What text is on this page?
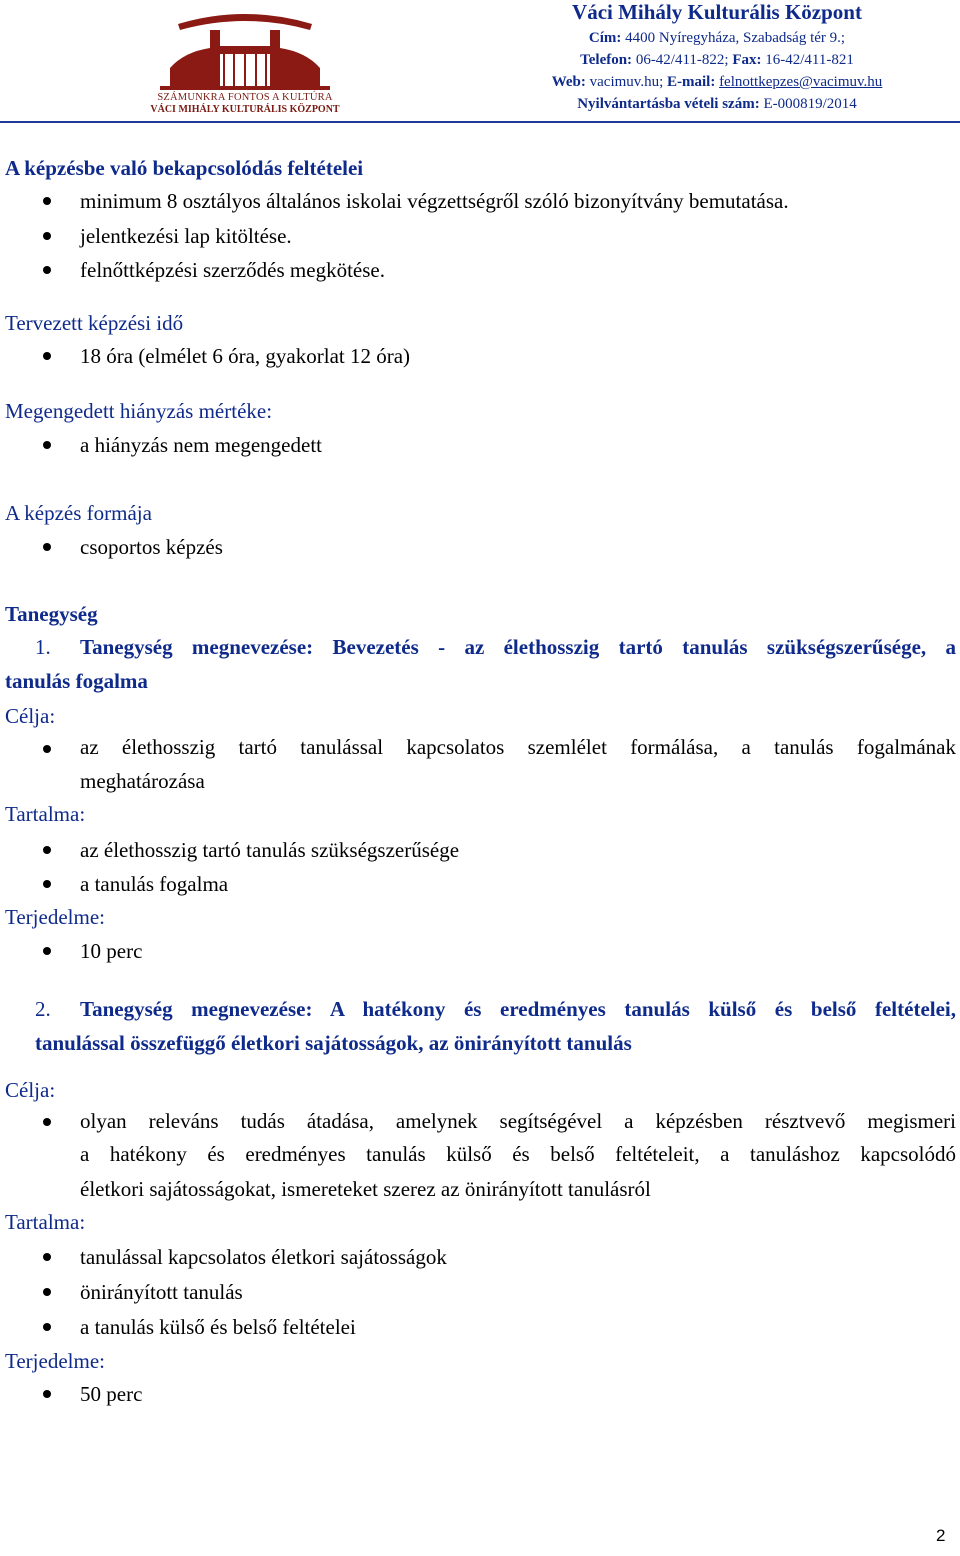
SZÁMUNKRA FONTOS A KULTÚRA
VÁCI MIHÁLY KULTURÁLIS KÖZPONT
Váci Mihály Kulturális Központ
Cím: 4400 Nyíregyháza, Szabadság tér 9.;
Telefon: 06-42/411-822; Fax: 16-42/411-821
Web: vacimuv.hu; E-mail: felnottkepzes@vacimuv.hu
Nyilvántartásba vételi szám: E-000819/2014
A képzésbe való bekapcsolódás feltételei
minimum 8 osztályos általános iskolai végzettségről szóló bizonyítvány bemutatása.
jelentkezési lap kitöltése.
felnőttképzési szerződés megkötése.
Tervezett képzési idő
18 óra (elmélet 6 óra, gyakorlat 12 óra)
Megengedett hiányzás mértéke:
a hiányzás nem megengedett
A képzés formája
csoportos képzés
Tanegység
1. Tanegység megnevezése: Bevezetés - az élethosszig tartó tanulás szükségszerűsége, a
tanulás fogalma
Célja:
az élethosszig tartó tanulással kapcsolatos szemlélet formálása, a tanulás fogalmának
meghatározása
Tartalma:
az élethosszig tartó tanulás szükségszerűsége
a tanulás fogalma
Terjedelme:
10 perc
2. Tanegység megnevezése: A hatékony és eredményes tanulás külső és belső feltételei,
tanulással összefüggő életkori sajátosságok, az önirányított tanulás
Célja:
olyan releváns tudás átadása, amelynek segítségével a képzésben résztvevő megismeri
a hatékony és eredményes tanulás külső és belső feltételeit, a tanuláshoz kapcsolódó
életkori sajátosságokat, ismereteket szerez az önirányított tanulásról
Tartalma:
tanulással kapcsolatos életkori sajátosságok
önirányított tanulás
a tanulás külső és belső feltételei
Terjedelme:
50 perc
2
